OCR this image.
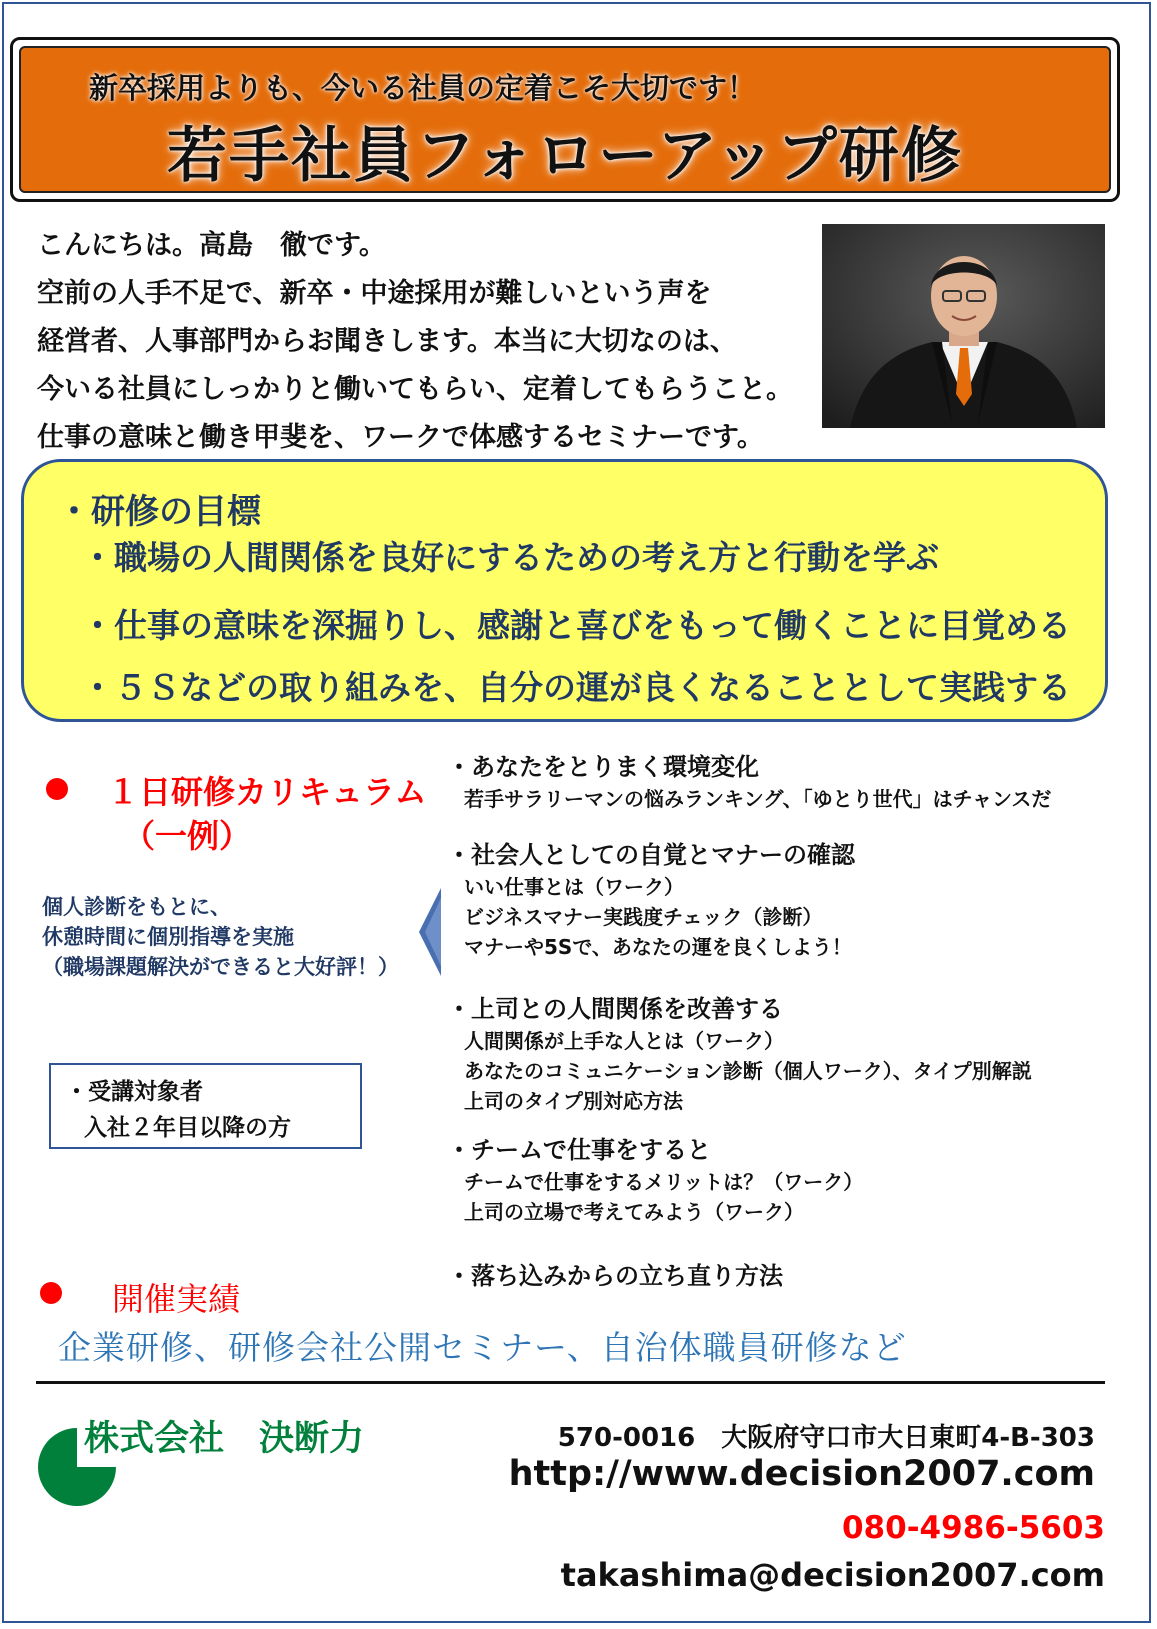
新卒採用よりも、今いる社員の定着こそ大切です！
若手社員フォローアップ研修
こんにちは。高島　徹です。
空前の人手不足で、新卒・中途採用が難しいという声を
経営者、人事部門からお聞きします。本当に大切なのは、
今いる社員にしっかりと働いてもらい、定着してもらうこと。
仕事の意味と働き甲斐を、ワークで体感するセミナーです。
・研修の目標
・職場の人間関係を良好にするための考え方と行動を学ぶ
・仕事の意味を深掘りし、感謝と喜びをもって働くことに目覚める
・５Ｓなどの取り組みを、自分の運が良くなることとして実践する
１日研修カリキュラム
（一例）
個人診断をもとに、
休憩時間に個別指導を実施
（職場課題解決ができると大好評！）
・受講対象者
入社２年目以降の方
・あなたをとりまく環境変化
若手サラリーマンの悩みランキング、「ゆとり世代」はチャンスだ
・社会人としての自覚とマナーの確認
いい仕事とは（ワーク）
ビジネスマナー実践度チェック（診断）
マナーや5Sで、あなたの運を良くしよう！
・上司との人間関係を改善する
人間関係が上手な人とは（ワーク）
あなたのコミュニケーション診断（個人ワーク）、タイプ別解説
上司のタイプ別対応方法
・チームで仕事をすると
チームで仕事をするメリットは？（ワーク）
上司の立場で考えてみよう（ワーク）
・落ち込みからの立ち直り方法
開催実績
企業研修、研修会社公開セミナー、自治体職員研修など
株式会社　決断力	570-0016　大阪府守口市大日東町4-B-303
http://www.decision2007.com
080-4986-5603
takashima@decision2007.com
